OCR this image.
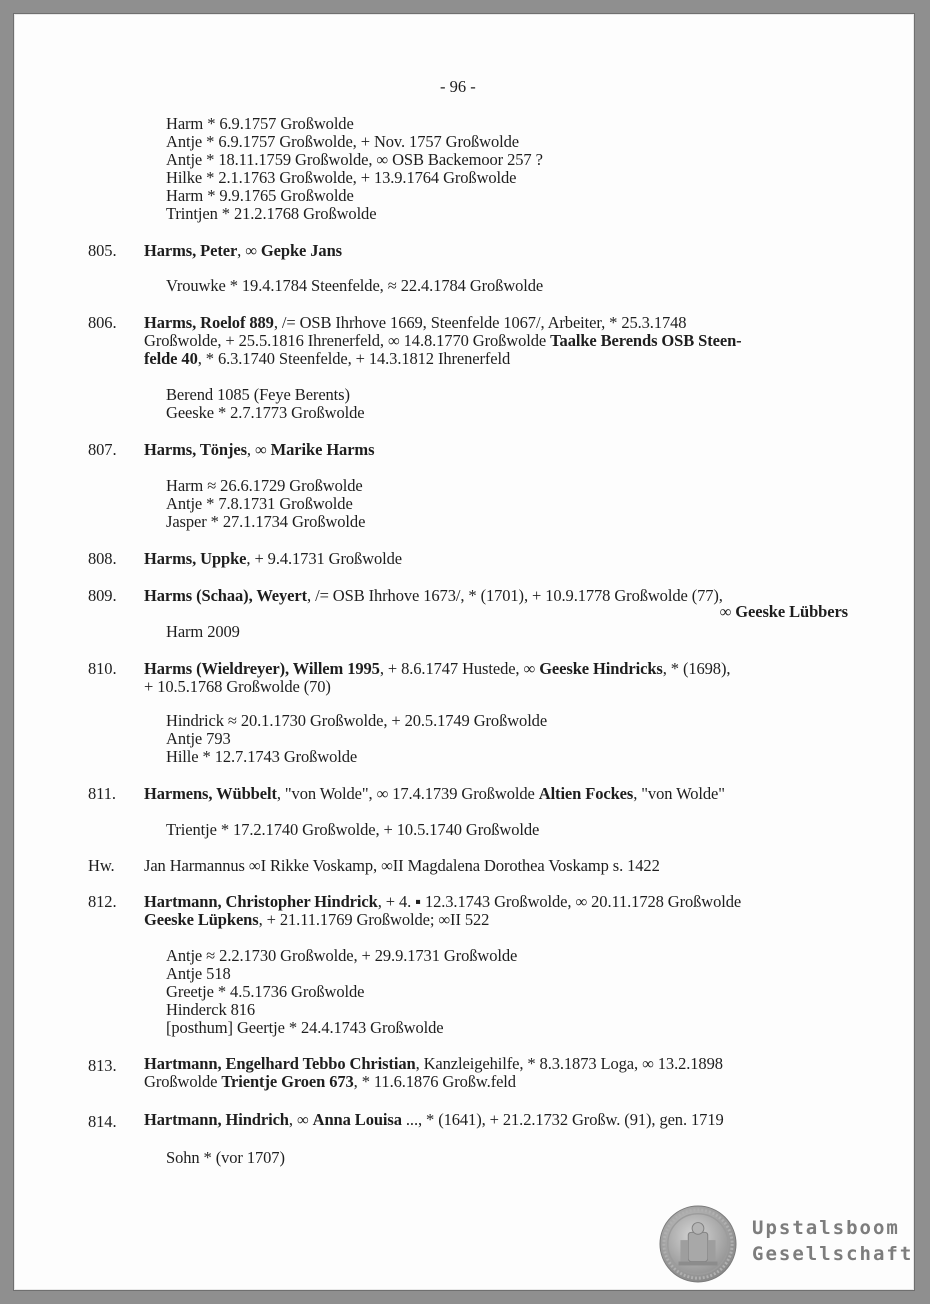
- 96 -
Harm * 6.9.1757 Großwolde
Antje * 6.9.1757 Großwolde, + Nov. 1757 Großwolde
Antje * 18.11.1759 Großwolde, ∞ OSB Backemoor 257 ?
Hilke * 2.1.1763 Großwolde, + 13.9.1764 Großwolde
Harm * 9.9.1765 Großwolde
Trintjen * 21.2.1768 Großwolde
805. Harms, Peter, ∞ Gepke Jans
Vrouwke * 19.4.1784 Steenfelde, ≈ 22.4.1784 Großwolde
806. Harms, Roelof 889, /= OSB Ihrhove 1669, Steenfelde 1067/, Arbeiter, * 25.3.1748
Großwolde, + 25.5.1816 Ihrenerfeld, ∞ 14.8.1770 Großwolde Taalke Berends OSB Steen-
felde 40, * 6.3.1740 Steenfelde, + 14.3.1812 Ihrenerfeld
Berend 1085 (Feye Berents)
Geeske * 2.7.1773 Großwolde
807. Harms, Tönjes, ∞ Marike Harms
Harm ≈ 26.6.1729 Großwolde
Antje * 7.8.1731 Großwolde
Jasper * 27.1.1734 Großwolde
808. Harms, Uppke, + 9.4.1731 Großwolde
809. Harms (Schaa), Weyert, /= OSB Ihrhove 1673/, * (1701), + 10.9.1778 Großwolde (77),
∞ Geeske Lübbers
Harm 2009
810. Harms (Wieldreyer), Willem 1995, + 8.6.1747 Hustede, ∞ Geeske Hindricks, * (1698),
+ 10.5.1768 Großwolde (70)
Hindrick ≈ 20.1.1730 Großwolde, + 20.5.1749 Großwolde
Antje 793
Hille * 12.7.1743 Großwolde
811. Harmens, Wübbelt, "von Wolde", ∞ 17.4.1739 Großwolde Altien Fockes, "von Wolde"
Trientje * 17.2.1740 Großwolde, + 10.5.1740 Großwolde
Hw. Jan Harmannus ∞I Rikke Voskamp, ∞II Magdalena Dorothea Voskamp s. 1422
812. Hartmann, Christopher Hindrick, + 4. ▪ 12.3.1743 Großwolde, ∞ 20.11.1728 Großwolde
Geeske Lüpkens, + 21.11.1769 Großwolde; ∞II 522
Antje ≈ 2.2.1730 Großwolde, + 29.9.1731 Großwolde
Antje 518
Greetje * 4.5.1736 Großwolde
Hinderck 816
[posthum] Geertje * 24.4.1743 Großwolde
813. Hartmann, Engelhard Tebbo Christian, Kanzleigehilfe, * 8.3.1873 Loga, ∞ 13.2.1898
Großwolde Trientje Groen 673, * 11.6.1876 Großw.feld
814. Hartmann, Hindrich, ∞ Anna Louisa ..., * (1641), + 21.2.1732 Großw. (91), gen. 1719
Sohn * (vor 1707)
Upstalsboom
Gesellschaft
